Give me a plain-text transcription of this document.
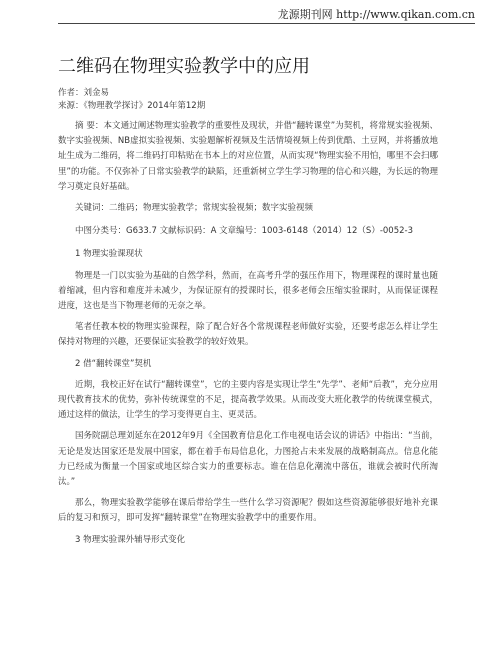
龙源期刊网 http://www.qikan.com.cn
二维码在物理实验教学中的应用
作者：刘金易
来源：《物理教学探讨》2014年第12期

摘 要：本文通过阐述物理实验教学的重要性及现状，并借“翻转课堂”为契机，将常规实验视频、数字实验视频、NB虚拟实验视频、实验题解析视频及生活情境视频上传到优酷、土豆网，并将播放地址生成为二维码，将二维码打印粘贴在书本上的对应位置，从而实现“物理实验不用怕，哪里不会扫哪里”的功能。不仅弥补了日常实验教学的缺陷，还重新树立学生学习物理的信心和兴趣，为长远的物理学习奠定良好基础。

关键词：二维码；物理实验教学；常规实验视频；数字实验视频

中图分类号：G633.7 文献标识码：A 文章编号：1003-6148（2014）12（S）-0052-3

1 物理实验课现状

物理是一门以实验为基础的自然学科，然而，在高考升学的强压作用下，物理课程的课时量也随着缩减，但内容和难度并未减少，为保证原有的授课时长，很多老师会压缩实验课时，从而保证课程进度，这也是当下物理老师的无奈之举。

笔者任教本校的物理实验课程，除了配合好各个常规课程老师做好实验，还要考虑怎么样让学生保持对物理的兴趣，还要保证实验教学的较好效果。

2 借“翻转课堂”契机

近期，我校正好在试行“翻转课堂”，它的主要内容是实现让学生“先学”、老师“后教”，充分应用现代教育技术的优势，弥补传统课堂的不足，提高教学效果。从而改变大班化教学的传统课堂模式，通过这样的做法，让学生的学习变得更自主、更灵活。

国务院副总理刘延东在2012年9月《全国教育信息化工作电视电话会议的讲话》中指出：“当前，无论是发达国家还是发展中国家，都在着手布局信息化，力图抢占未来发展的战略制高点。信息化能力已经成为衡量一个国家或地区综合实力的重要标志。谁在信息化潮流中落伍，谁就会被时代所淘汰。”

那么，物理实验教学能够在课后带给学生一些什么学习资源呢？假如这些资源能够很好地补充课后的复习和预习，即可发挥“翻转课堂”在物理实验教学中的重要作用。

3 物理实验课外辅导形式变化
